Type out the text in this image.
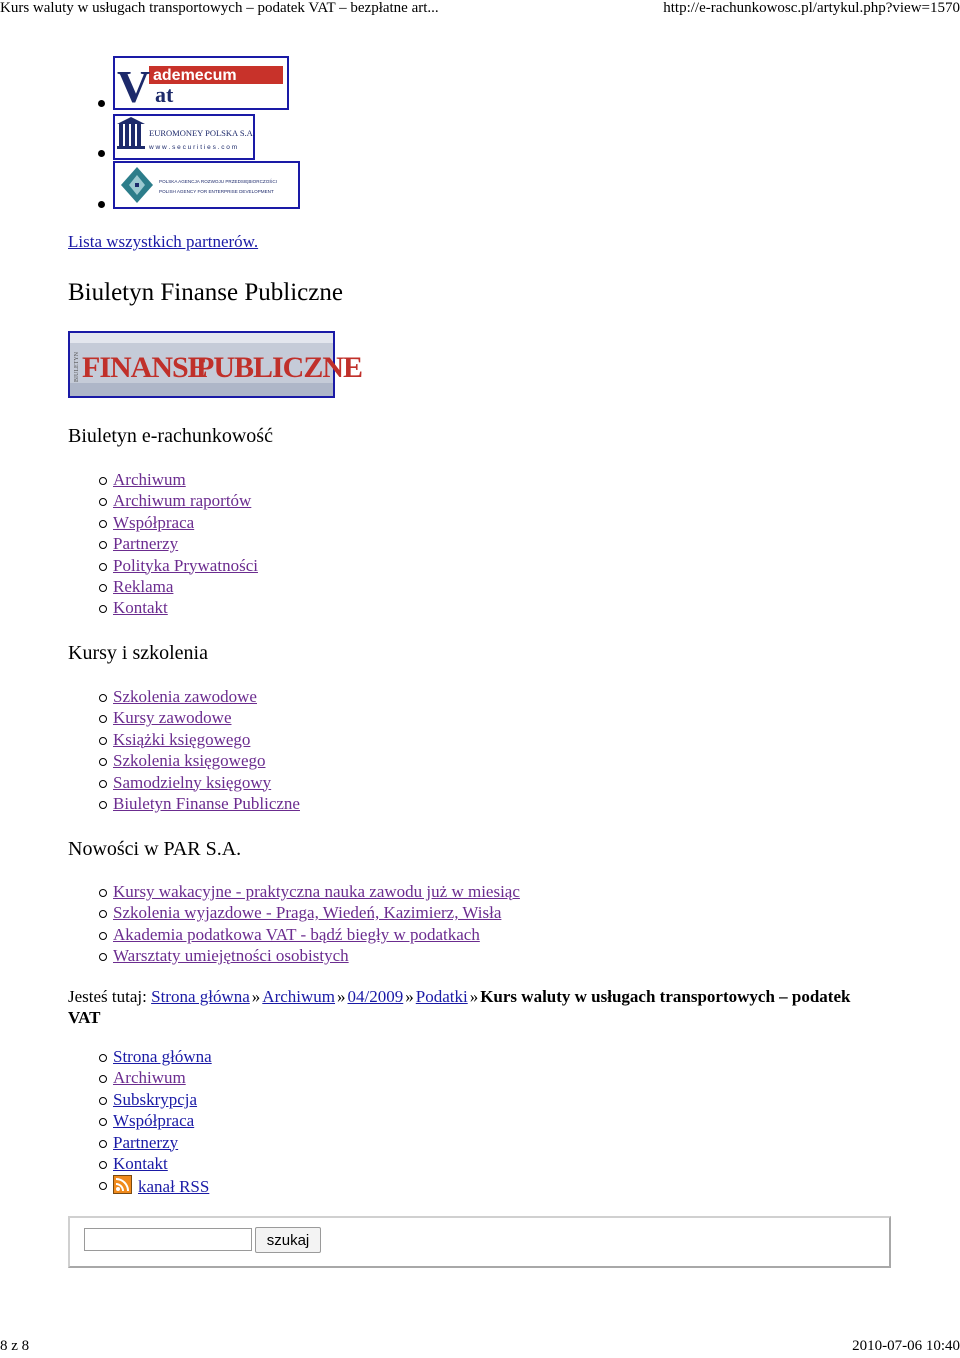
Kurs waluty w usługach transportowych – podatek VAT – bezpłatne art...	http://e-rachunkowosc.pl/artykul.php?view=1570
V ademecum
at
EUROMONEY POLSKA S.A.
w w w . s e c u r i t i e s . c o m
POLSKA AGENCJA ROZWOJU PRZEDSIĘBIORCZOŚCI
POLISH AGENCY FOR ENTERPRISE DEVELOPMENT
Lista wszystkich partnerów.
Biuletyn Finanse Publiczne
BIULETYN FINANSE
PUBLICZNE
Biuletyn e-rachunkowość
Archiwum
Archiwum raportów
Współpraca
Partnerzy
Polityka Prywatności
Reklama
Kontakt
Kursy i szkolenia
Szkolenia zawodowe
Kursy zawodowe
Książki księgowego
Szkolenia księgowego
Samodzielny księgowy
Biuletyn Finanse Publiczne
Nowości w PAR S.A.
Kursy wakacyjne - praktyczna nauka zawodu już w miesiąc
Szkolenia wyjazdowe - Praga, Wiedeń, Kazimierz, Wisła
Akademia podatkowa VAT - bądź biegły w podatkach
Warsztaty umiejętności osobistych
Jesteś tutaj: Strona główna » Archiwum » 04/2009 » Podatki » Kurs waluty w usługach transportowych – podatek VAT
Strona główna
Archiwum
Subskrypcja
Współpraca
Partnerzy
Kontakt
kanał RSS
szukaj
8 z 8	2010-07-06 10:40
